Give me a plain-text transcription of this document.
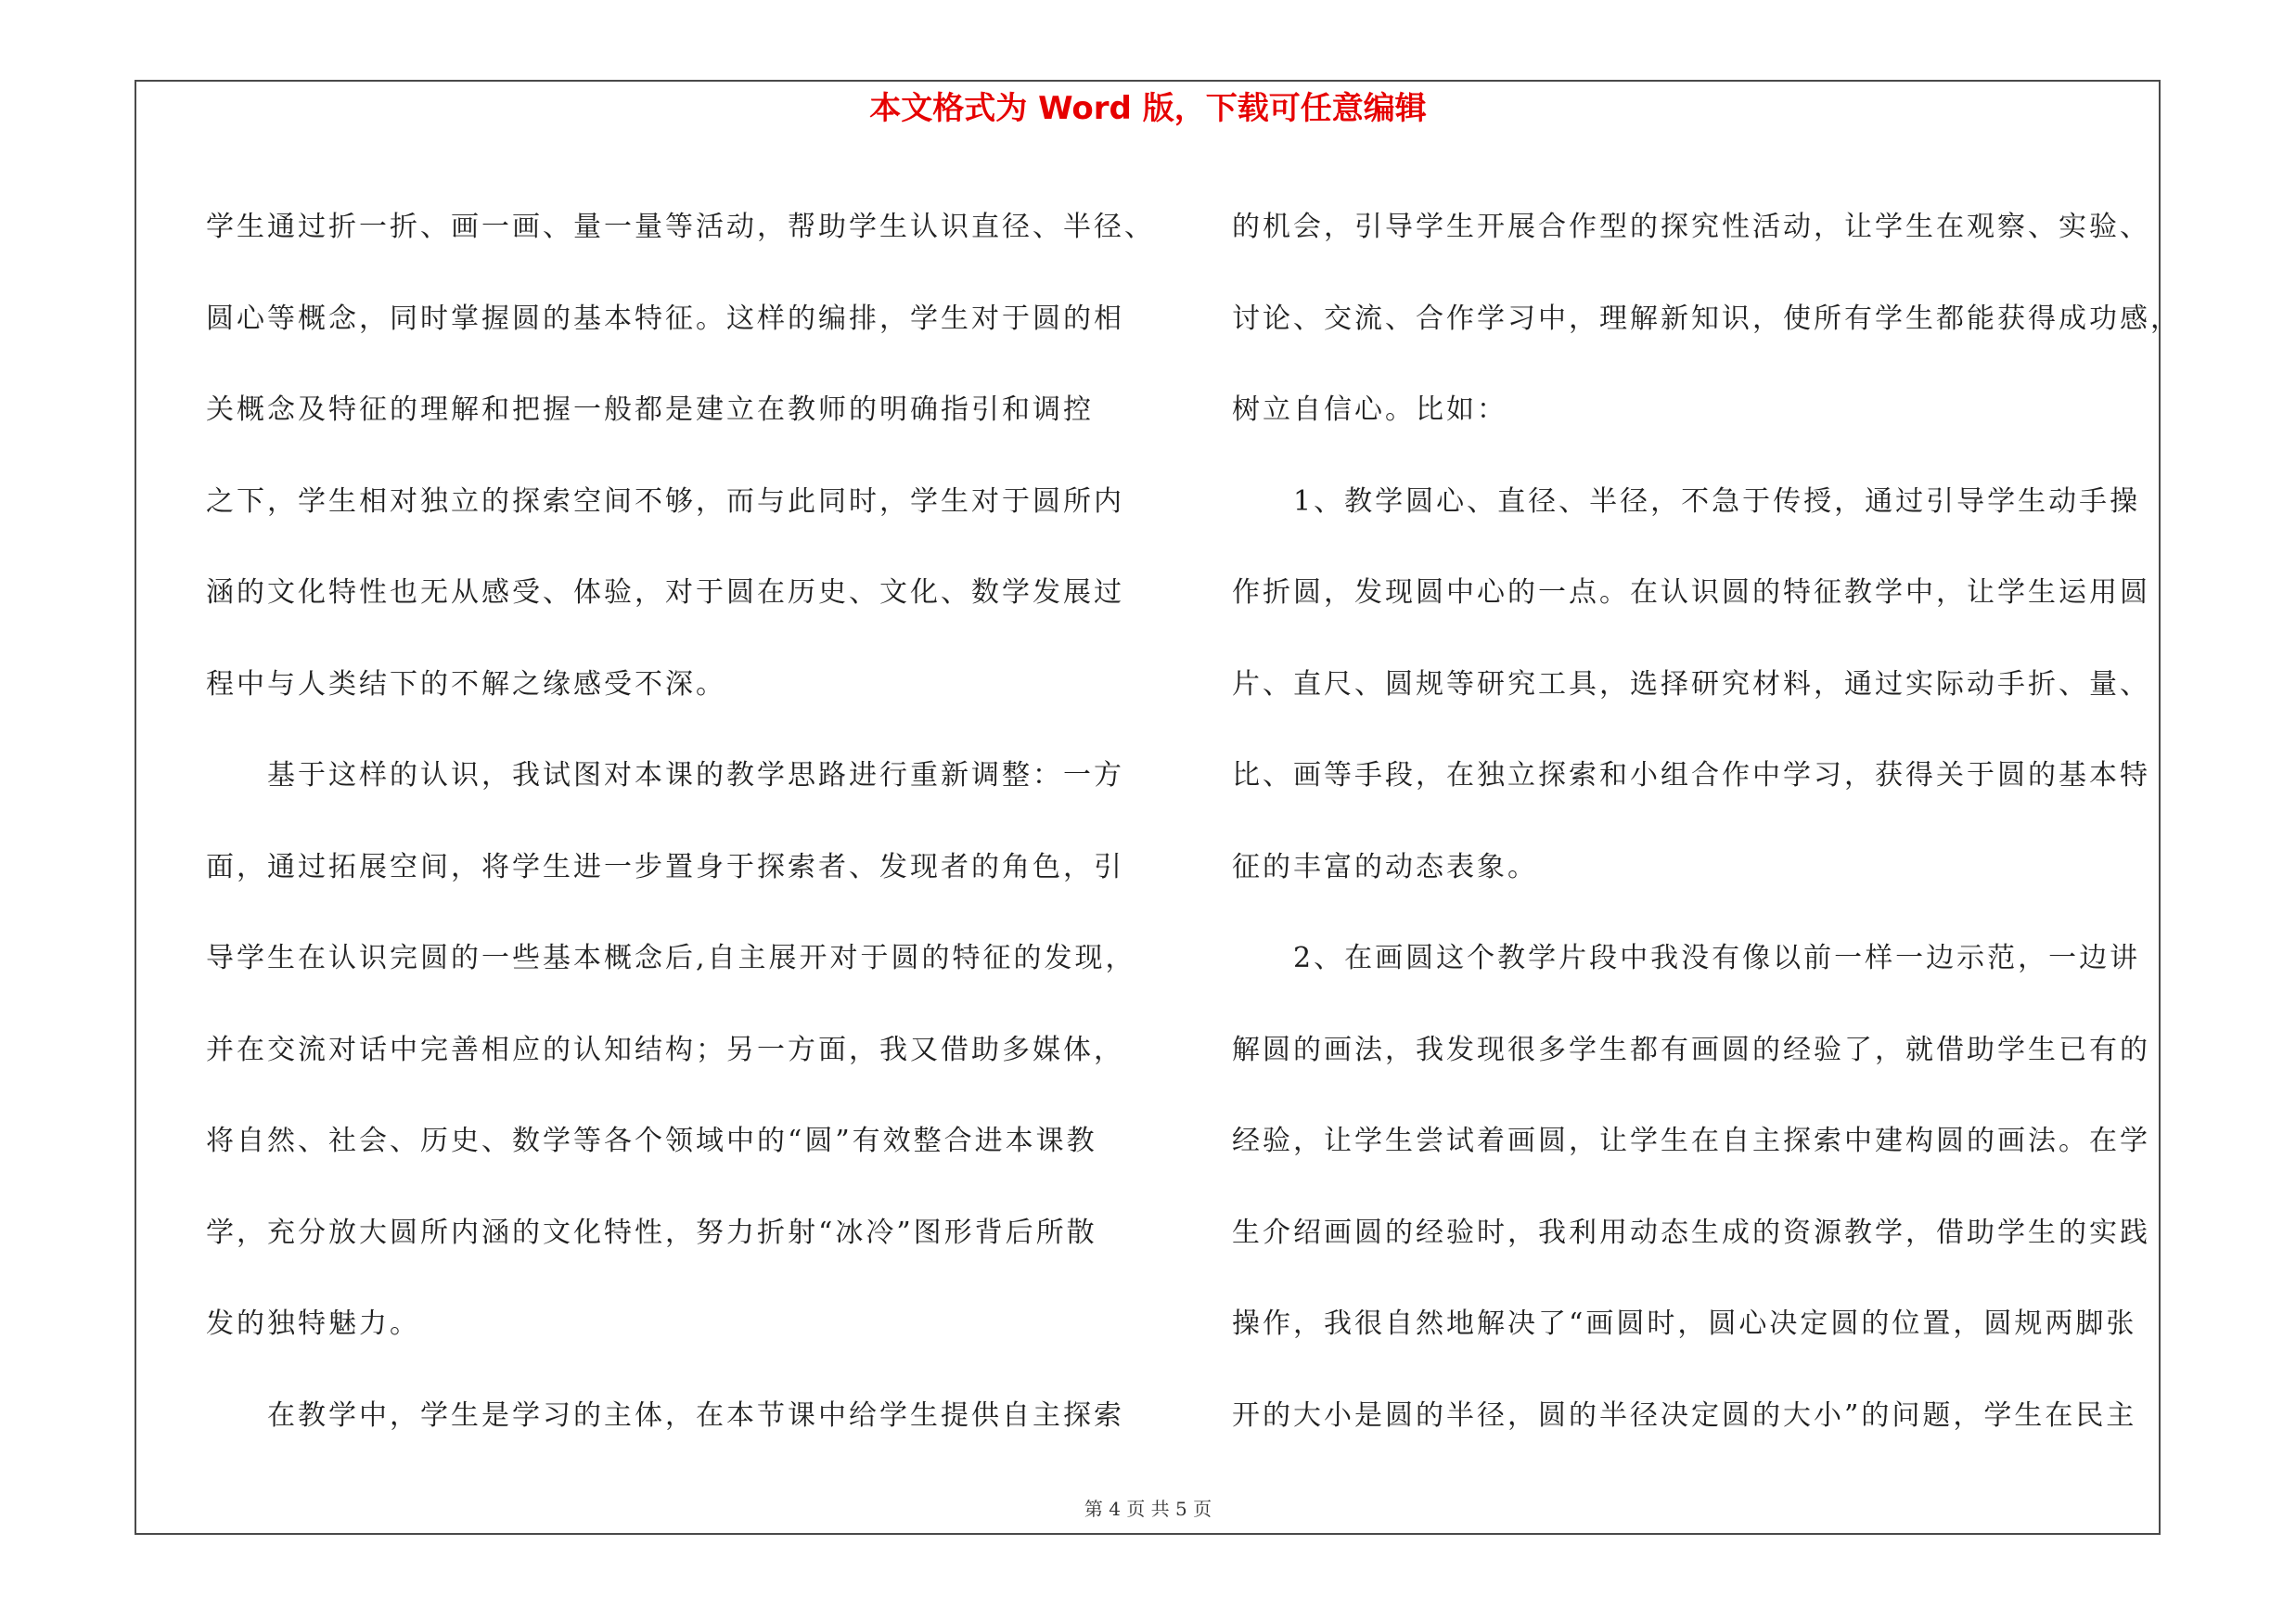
本文格式为 Word 版，下载可任意编辑
学生通过折一折、画一画、量一量等活动，帮助学生认识直径、半径、
圆心等概念，同时掌握圆的基本特征。这样的编排，学生对于圆的相
关概念及特征的理解和把握一般都是建立在教师的明确指引和调控
之下，学生相对独立的探索空间不够，而与此同时，学生对于圆所内
涵的文化特性也无从感受、体验，对于圆在历史、文化、数学发展过
程中与人类结下的不解之缘感受不深。
　　基于这样的认识，我试图对本课的教学思路进行重新调整：一方
面，通过拓展空间，将学生进一步置身于探索者、发现者的角色，引
导学生在认识完圆的一些基本概念后,自主展开对于圆的特征的发现，
并在交流对话中完善相应的认知结构；另一方面，我又借助多媒体，
将自然、社会、历史、数学等各个领域中的“圆”有效整合进本课教
学，充分放大圆所内涵的文化特性，努力折射“冰冷”图形背后所散
发的独特魅力。
　　在教学中，学生是学习的主体，在本节课中给学生提供自主探索
的机会，引导学生开展合作型的探究性活动，让学生在观察、实验、
讨论、交流、合作学习中，理解新知识，使所有学生都能获得成功感，
树立自信心。比如：
　　1、教学圆心、直径、半径，不急于传授，通过引导学生动手操
作折圆，发现圆中心的一点。在认识圆的特征教学中，让学生运用圆
片、直尺、圆规等研究工具，选择研究材料，通过实际动手折、量、
比、画等手段，在独立探索和小组合作中学习，获得关于圆的基本特
征的丰富的动态表象。
　　2、在画圆这个教学片段中我没有像以前一样一边示范，一边讲
解圆的画法，我发现很多学生都有画圆的经验了，就借助学生已有的
经验，让学生尝试着画圆，让学生在自主探索中建构圆的画法。在学
生介绍画圆的经验时，我利用动态生成的资源教学，借助学生的实践
操作，我很自然地解决了“画圆时，圆心决定圆的位置，圆规两脚张
开的大小是圆的半径，圆的半径决定圆的大小”的问题，学生在民主
第 4 页 共 5 页
